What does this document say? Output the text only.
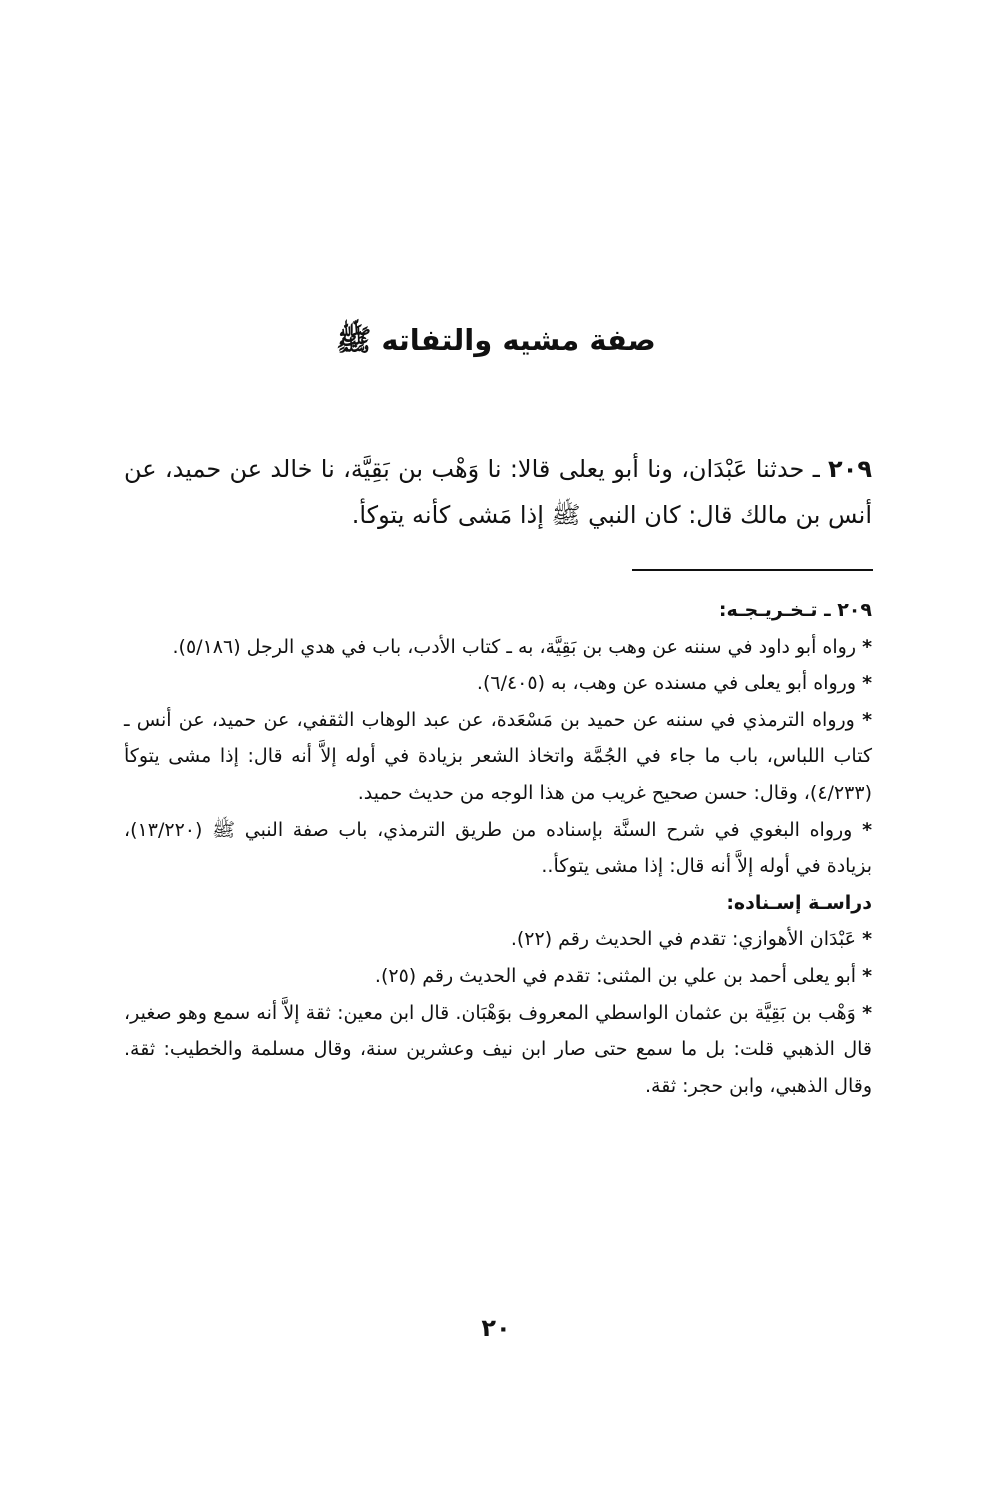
صفة مشيه والتفاته ﷺ
٢٠٩ ـ حدثنا عَبْدَان، ونا أبو يعلى قالا: نا وَهْب بن بَقِيَّة، نا خالد عن حميد، عن أنس بن مالك قال: كان النبي ﷺ إذا مَشى كأنه يتوكأ.

٢٠٩ ـ تـخـريـجـه:

* رواه أبو داود في سننه عن وهب بن بَقِيَّة، به ـ كتاب الأدب، باب في هدي الرجل (٥/١٨٦).

* ورواه أبو يعلى في مسنده عن وهب، به (٦/٤٠٥).

* ورواه الترمذي في سننه عن حميد بن مَسْعَدة، عن عبد الوهاب الثقفي، عن حميد، عن أنس ـ كتاب اللباس، باب ما جاء في الجُمَّة واتخاذ الشعر بزيادة في أوله إلاَّ أنه قال: إذا مشى يتوكأ (٤/٢٣٣)، وقال: حسن صحيح غريب من هذا الوجه من حديث حميد.

* ورواه البغوي في شرح السنَّة بإسناده من طريق الترمذي، باب صفة النبي ﷺ (١٣/٢٢٠)، بزيادة في أوله إلاَّ أنه قال: إذا مشى يتوكأ..

دراسـة إسـناده:

* عَبْدَان الأهوازي: تقدم في الحديث رقم (٢٢).

* أبو يعلى أحمد بن علي بن المثنى: تقدم في الحديث رقم (٢٥).

* وَهْب بن بَقِيَّة بن عثمان الواسطي المعروف بوَهْبَان. قال ابن معين: ثقة إلاَّ أنه سمع وهو صغير، قال الذهبي قلت: بل ما سمع حتى صار ابن نيف وعشرين سنة، وقال مسلمة والخطيب: ثقة. وقال الذهبي، وابن حجر: ثقة.

٢٠
